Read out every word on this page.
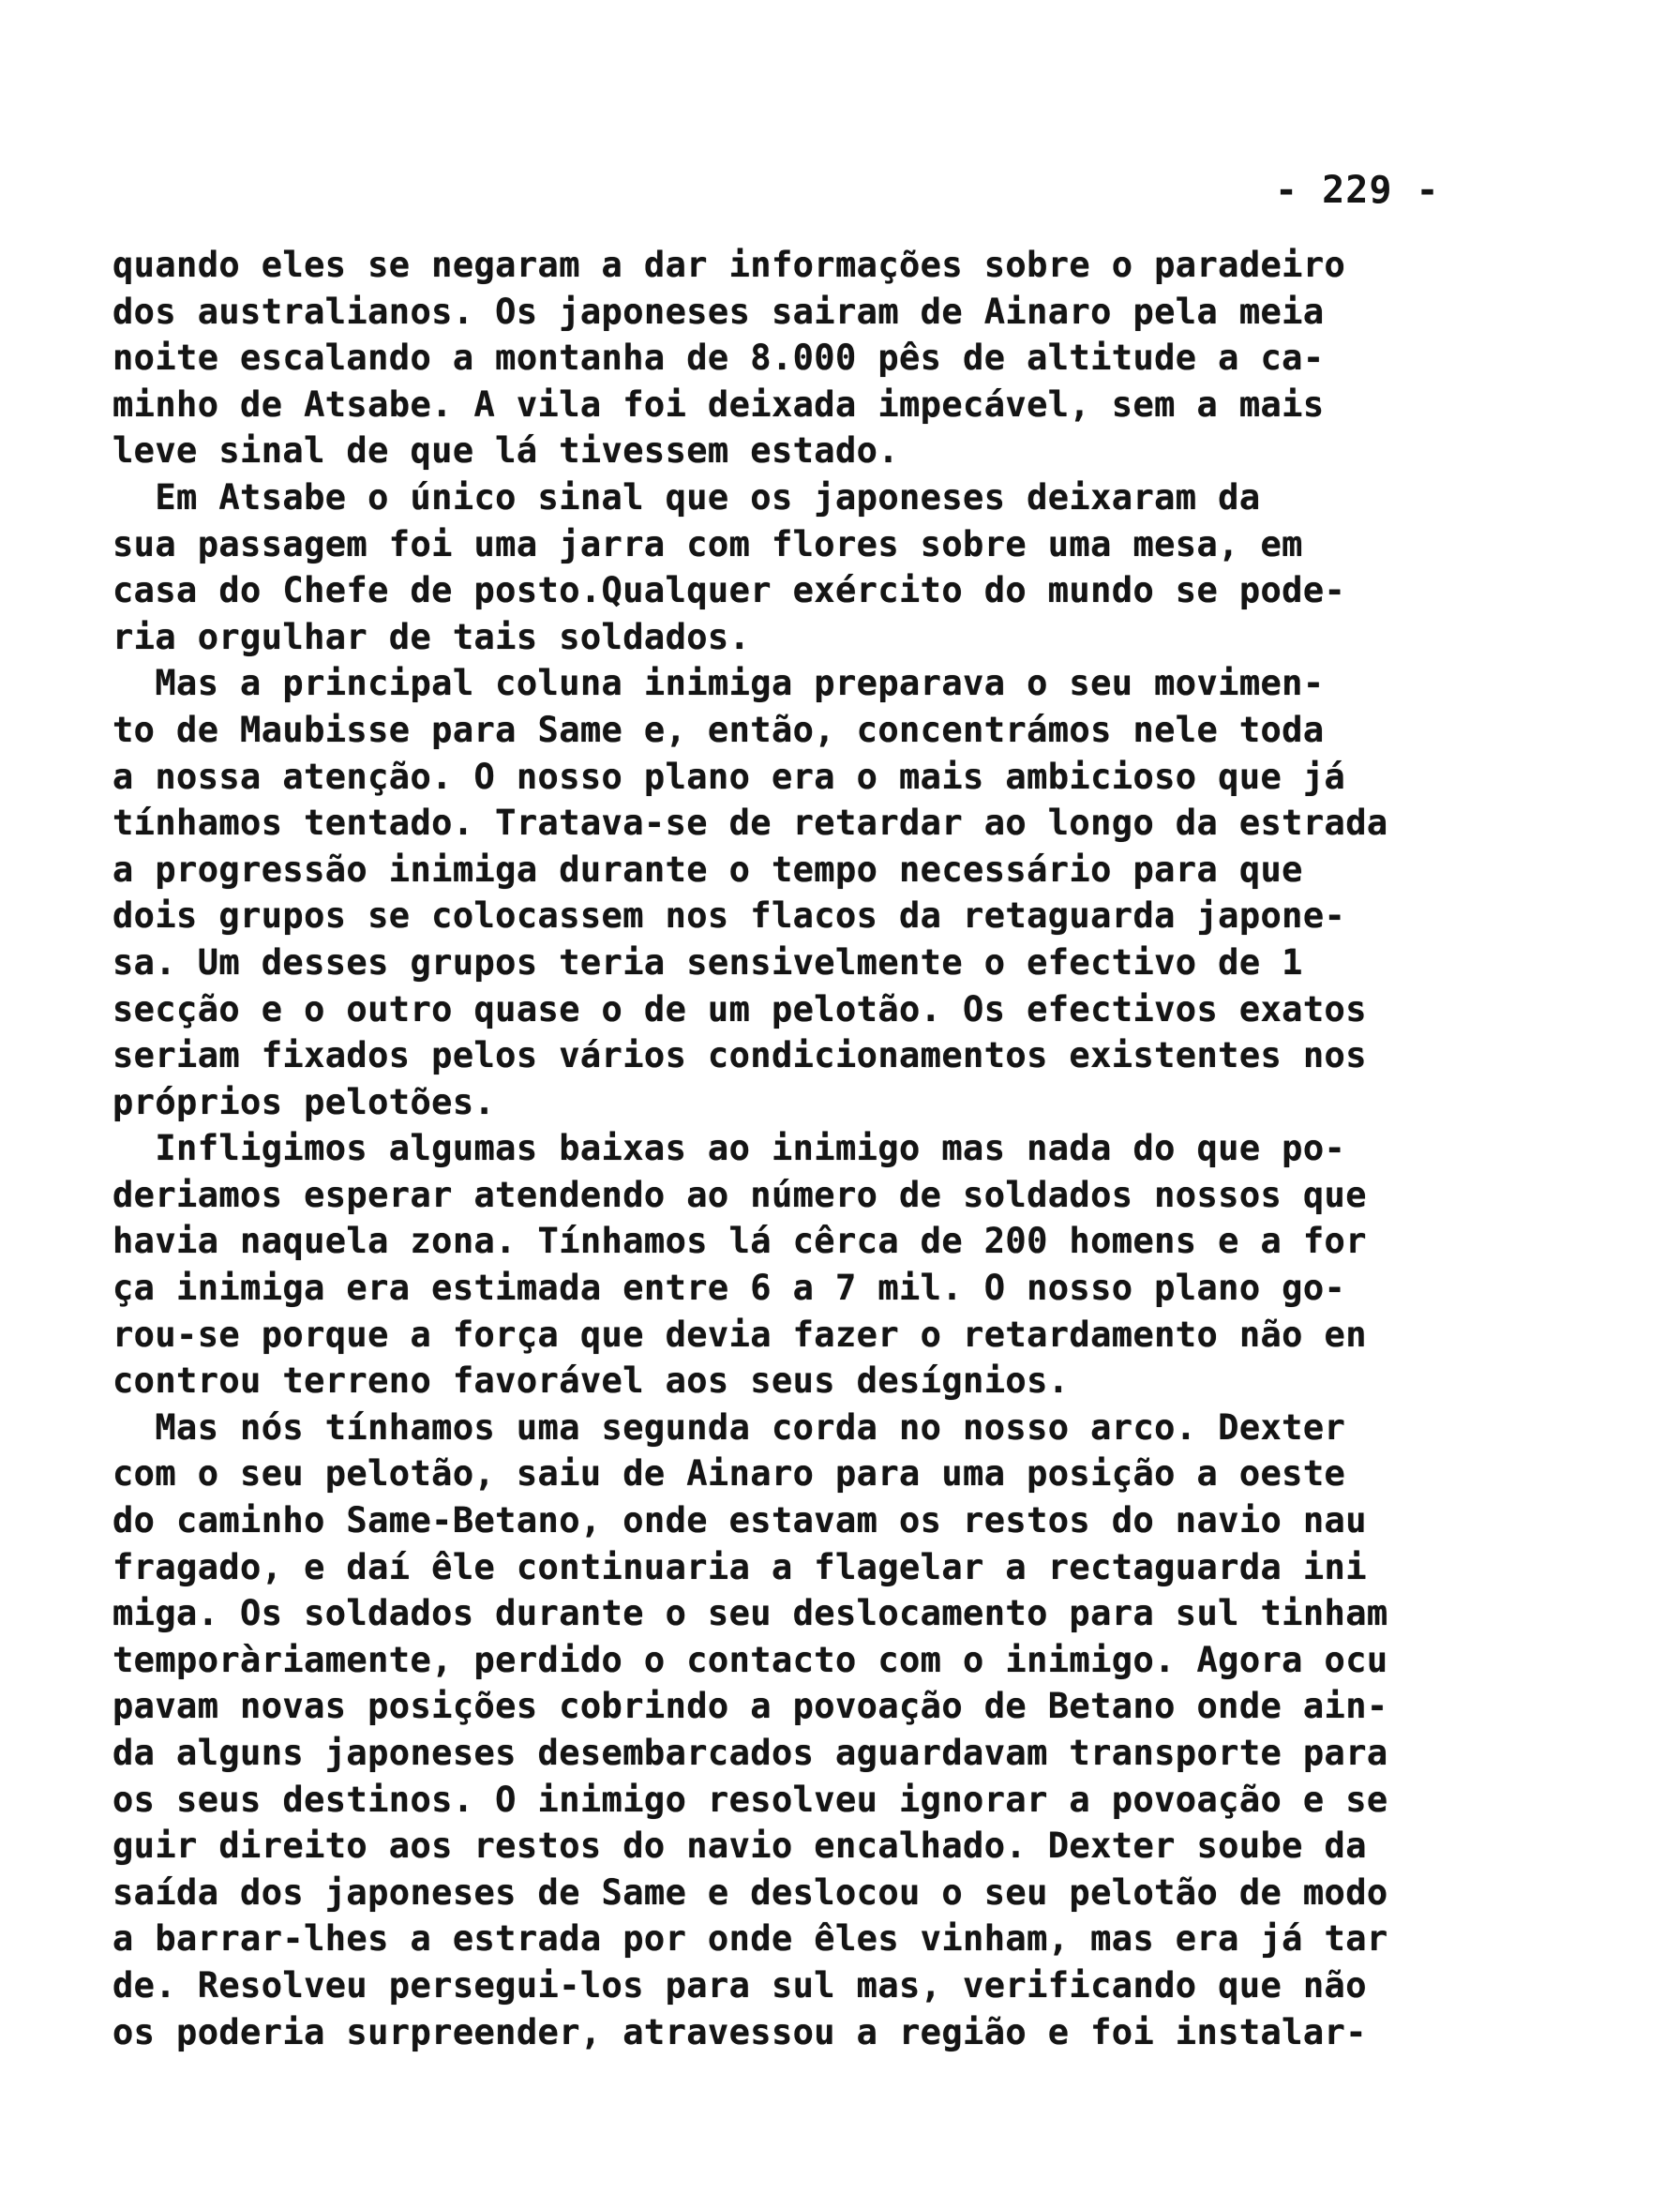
- 229 -
quando eles se negaram a dar informações sobre o paradeiro
dos australianos. Os japoneses sairam de Ainaro pela meia
noite escalando a montanha de 8.000 pês de altitude a ca-
minho de Atsabe. A vila foi deixada impecável, sem a mais
leve sinal de que lá tivessem estado.
Em Atsabe o único sinal que os japoneses deixaram da
sua passagem foi uma jarra com flores sobre uma mesa, em
casa do Chefe de posto.Qualquer exército do mundo se pode-
ria orgulhar de tais soldados.
Mas a principal coluna inimiga preparava o seu movimen-
to de Maubisse para Same e, então, concentrámos nele toda
a nossa atenção. O nosso plano era o mais ambicioso que já
tínhamos tentado. Tratava-se de retardar ao longo da estrada
a progressão inimiga durante o tempo necessário para que
dois grupos se colocassem nos flacos da retaguarda japone-
sa. Um desses grupos teria sensivelmente o efectivo de 1
secção e o outro quase o de um pelotão. Os efectivos exatos
seriam fixados pelos vários condicionamentos existentes nos
próprios pelotões.
Infligimos algumas baixas ao inimigo mas nada do que po-
deriamos esperar atendendo ao número de soldados nossos que
havia naquela zona. Tínhamos lá cêrca de 200 homens e a for
ça inimiga era estimada entre 6 a 7 mil. O nosso plano go-
rou-se porque a força que devia fazer o retardamento não en
controu terreno favorável aos seus desígnios.
Mas nós tínhamos uma segunda corda no nosso arco. Dexter
com o seu pelotão, saiu de Ainaro para uma posição a oeste
do caminho Same-Betano, onde estavam os restos do navio nau
fragado, e daí êle continuaria a flagelar a rectaguarda ini
miga. Os soldados durante o seu deslocamento para sul tinham
temporàriamente, perdido o contacto com o inimigo. Agora ocu
pavam novas posições cobrindo a povoação de Betano onde ain-
da alguns japoneses desembarcados aguardavam transporte para
os seus destinos. O inimigo resolveu ignorar a povoação e se
guir direito aos restos do navio encalhado. Dexter soube da
saída dos japoneses de Same e deslocou o seu pelotão de modo
a barrar-lhes a estrada por onde êles vinham, mas era já tar
de. Resolveu persegui-los para sul mas, verificando que não
os poderia surpreender, atravessou a região e foi instalar-
